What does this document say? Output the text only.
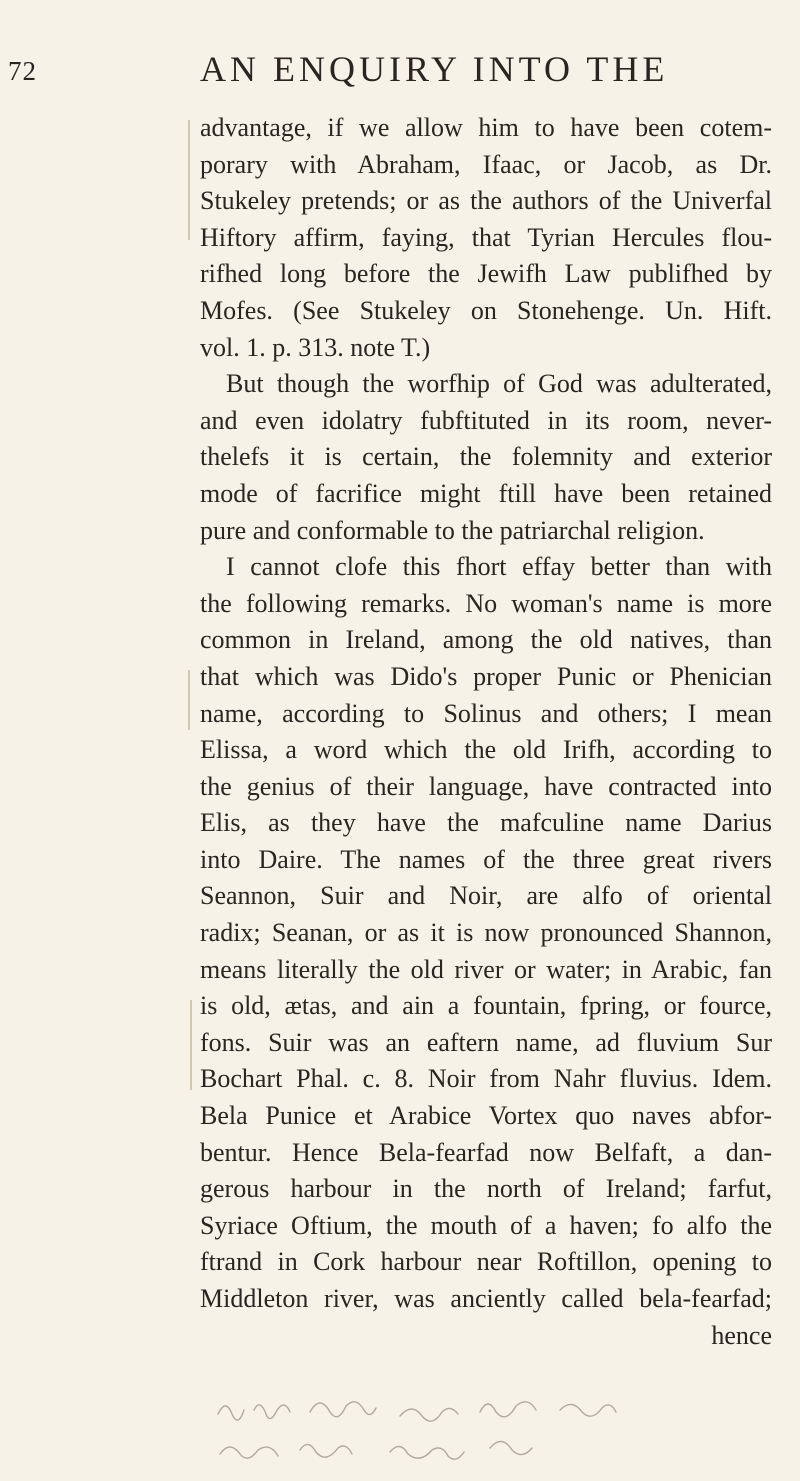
72	AN ENQUIRY INTO THE
advantage, if we allow him to have been cotem-
porary with Abraham, Ifaac, or Jacob, as Dr.
Stukeley pretends; or as the authors of the Univerfal
Hiftory affirm, faying, that Tyrian Hercules flou-
rifhed long before the Jewifh Law publifhed by
Mofes. (See Stukeley on Stonehenge. Un. Hift.
vol. 1. p. 313. note T.)
But though the worfhip of God was adulterated,
and even idolatry fubftituted in its room, never-
thelefs it is certain, the folemnity and exterior
mode of facrifice might ftill have been retained
pure and conformable to the patriarchal religion.
I cannot clofe this fhort effay better than with
the following remarks. No woman's name is more
common in Ireland, among the old natives, than
that which was Dido's proper Punic or Phenician
name, according to Solinus and others; I mean
Elissa, a word which the old Irifh, according to
the genius of their language, have contracted into
Elis, as they have the mafculine name Darius
into Daire. The names of the three great rivers
Seannon, Suir and Noir, are alfo of oriental
radix; Seanan, or as it is now pronounced Shannon,
means literally the old river or water; in Arabic, fan
is old, ætas, and ain a fountain, fpring, or fource,
fons. Suir was an eaftern name, ad fluvium Sur
Bochart Phal. c. 8. Noir from Nahr fluvius. Idem.
Bela Punice et Arabice Vortex quo naves abfor-
bentur. Hence Bela-fearfad now Belfaft, a dan-
gerous harbour in the north of Ireland; farfut,
Syriace Oftium, the mouth of a haven; fo alfo the
ftrand in Cork harbour near Roftillon, opening to
Middleton river, was anciently called bela-fearfad;
hence
